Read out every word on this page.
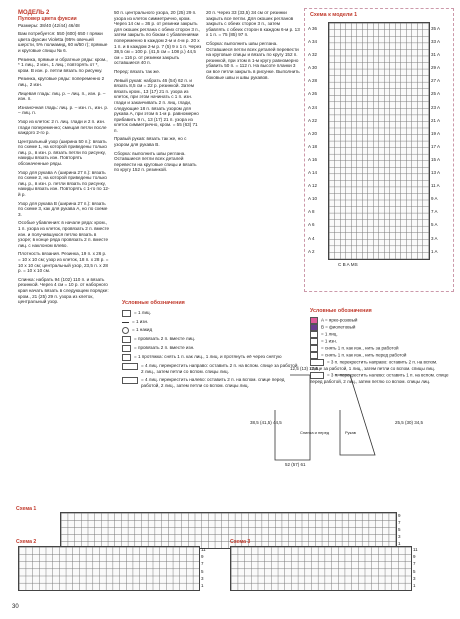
МОДЕЛЬ 2
Пуловер цвета фуксии

Размеры: 38/40 (42/44) 46/48

Вам потребуется: 550 (600) 650 г пряжи цвета фуксии Violetta (95% овечьей шерсти, 5% полиамид, 60 м/50 г); прямые и круговые спицы № 6.

Резинка, прямые и обратные ряды: кром., * 1 лиц., 2 изн., 1 лиц.; повторять от *, кром. В изн. р. петли вязать по рисунку.

Резинка, круговые ряды: попеременно 2 лиц., 2 изн.

Лицевая гладь: лиц. р. – лиц. п., изн. р. – изн. п.

Изнаночная гладь: лиц. р. – изн. п., изн. р. – лиц. п.

Узор из клеток: 2 п. лиц. глади и 2 п. изн. глади попеременно; смещая петли после каждого 2-го р.

Центральный узор (ширина 50 п.): вязать по схеме 1, на которой приведены только лиц. р., в изн. р. вязать петли по рисунку, накиды вязать изн. Повторять обозначенные ряды.

Узор для рукава А (ширина 27 п.): вязать по схеме 2, на которой приведены только лиц. р., в изн. р. петли вязать по рисунку, накиды вязать изн. Повторять с 1-го по 12-й р.

Узор для рукава В (ширина 27 п.): вязать по схеме 3, как для рукава А, но по схеме 3.

Особые убавления: в начале ряда: кром., 1 п. узора из клеток, провязать 2 п. вместе изн. и получившуюся петлю вязать в узоре; в конце ряда провязать 2 п. вместе лиц. с наклоном влево.

Плотность вязания. Резинка, 19 п. х 26 р. = 10 х 10 см; узор из клеток, 18 п. х 28 р. = 10 х 10 см; центральный узор, 23,5 п. х 28 р. = 10 х 10 см.

Спинка: набрать 94 (102) 110 п. и вязать резинкой. Через 4 см = 10 р. от наборного края начать вязать в следующем порядке: кром., 21 (25) 29 п. узора из клеток, центральный узор.

50 п. центрального узора, 20 (25) 29 п. узора из клеток симметрично, кром. Через 14 см = 36 р. от резинки закрыть для окошек реглана с обеих сторон 3 п., затем закрыть по бокам с убавлениями попеременно в каждом 2-м и 4-м р. 20 х 1 п. и в каждом 2-м р. 7 (5) 9 х 1 п. Через 38,5 см = 100 р. (41,5 см = 108 р.) 44,5 см = 116 р. от резинки закрыть оставшиеся 40 п.

Перед: вязать так же.

Левый рукав: набрать 46 (54) 62 п. и вязать 8,5 см = 22 р. резинкой. Затем вязать кром., 13 (17) 21 п. узора из клеток, при этом начинать с 1 п. изн. глади и заканчивать 2 п. лиц. глади, следующие 18 п. вязать узором для рукава А, при этом в 1-м р. равномерно прибавить 9 п., 13 (17) 21 п. узора из клеток симметрично, кром. = 55 (63) 71 п.

Правый рукав: вязать так же, но с узором для рукава В.

Сборка: выполнить швы реглана. Оставшиеся петли всех деталей перевести на круговые спицы и вязать по кругу 152 п. резинкой.

20 п. Через 33 (33,5) 34 см от резинки закрыть все петли. Для окошек регланов закрыть с обеих сторон 3 п., затем убавлять с обеих сторон в каждом 6-м р. 13 х 1 п. = 75 (85) 97 п.

Сборка: выполнить швы реглана. Оставшиеся петли всех деталей перевести на круговые спицы и вязать по кругу 152 п. резинкой, при этом в 1-м кругу равномерно убавить 50 п. = 112 п. На высоте планки 3 см все петли закрыть в рисунке. Выполнить боковые швы и швы рукавов.

Условные обозначения
= 1 лиц.
= 1 изн.
= 1 накид
= провязать 2 п. вместе лиц.
= провязать 2 п. вместе изн.
= 1 протяжка: снять 1 п. как лиц., 1 лиц. и протянуть её через снятую
= 4 лиц. перекрестить направо: оставить 2 п. на вспом. спице за работой, 2 лиц., затем петли со вспом. спицы лиц.
= 4 лиц. перекрестить налево: оставить 2 п. на вспом. спице перед работой, 2 лиц., затем петли со вспом. спицы лиц.
Схема к модели 1
A 36
A 34
A 32
A 30
A 28
A 26
A 24
A 22
A 20
A 18
A 16
A 14
A 12
A 10
A 8
A 6
A 4
A 2
35 A
33 A
31 A
29 A
27 A
25 A
23 A
21 A
19 A
17 A
15 A
13 A
11 A
9 A
7 A
5 A
3 A
1 A
C B A MS
Условные обозначения
A = ярко-розовый
B = фиолетовый
= 1 лиц.
= 1 изн.
= снять 1 п. как изн., нить за работой
= снять 1 п. как изн., нить перед работой
= 3 п. перекрестить направо: оставить 2 п. на вспом. спице за работой, 1 лиц., затем петли со вспом. спицы лиц.
= 3 п. перекрестить налево: оставить 1 п. на вспом. спице перед работой, 2 лиц., затем петлю со вспом. спицы лиц.
12,5 (13) 13,5
38,5 (41,5) 44,5
Спинка и перед	Рукав
25,5 (30) 34,5
52 (57) 61
Схема 1
9
7
5
3
1
Схема 2
11
9
7
5
3
1
Схема 3
11
9
7
5
3
1
30
